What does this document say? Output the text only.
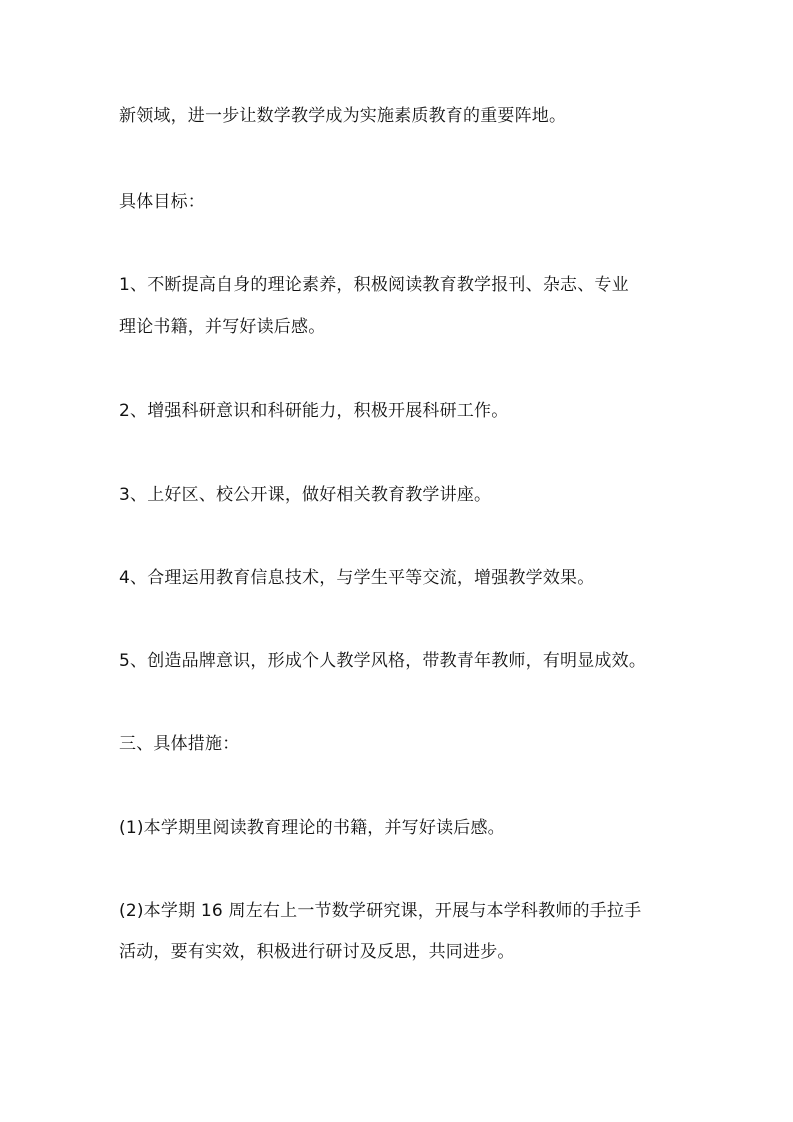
新领域，进一步让数学教学成为实施素质教育的重要阵地。
具体目标：
1、不断提高自身的理论素养，积极阅读教育教学报刊、杂志、专业
理论书籍，并写好读后感。
2、增强科研意识和科研能力，积极开展科研工作。
3、上好区、校公开课，做好相关教育教学讲座。
4、合理运用教育信息技术，与学生平等交流，增强教学效果。
5、创造品牌意识，形成个人教学风格，带教青年教师，有明显成效。
三、具体措施：
(1)本学期里阅读教育理论的书籍，并写好读后感。
(2)本学期 16 周左右上一节数学研究课，开展与本学科教师的手拉手
活动，要有实效，积极进行研讨及反思，共同进步。
